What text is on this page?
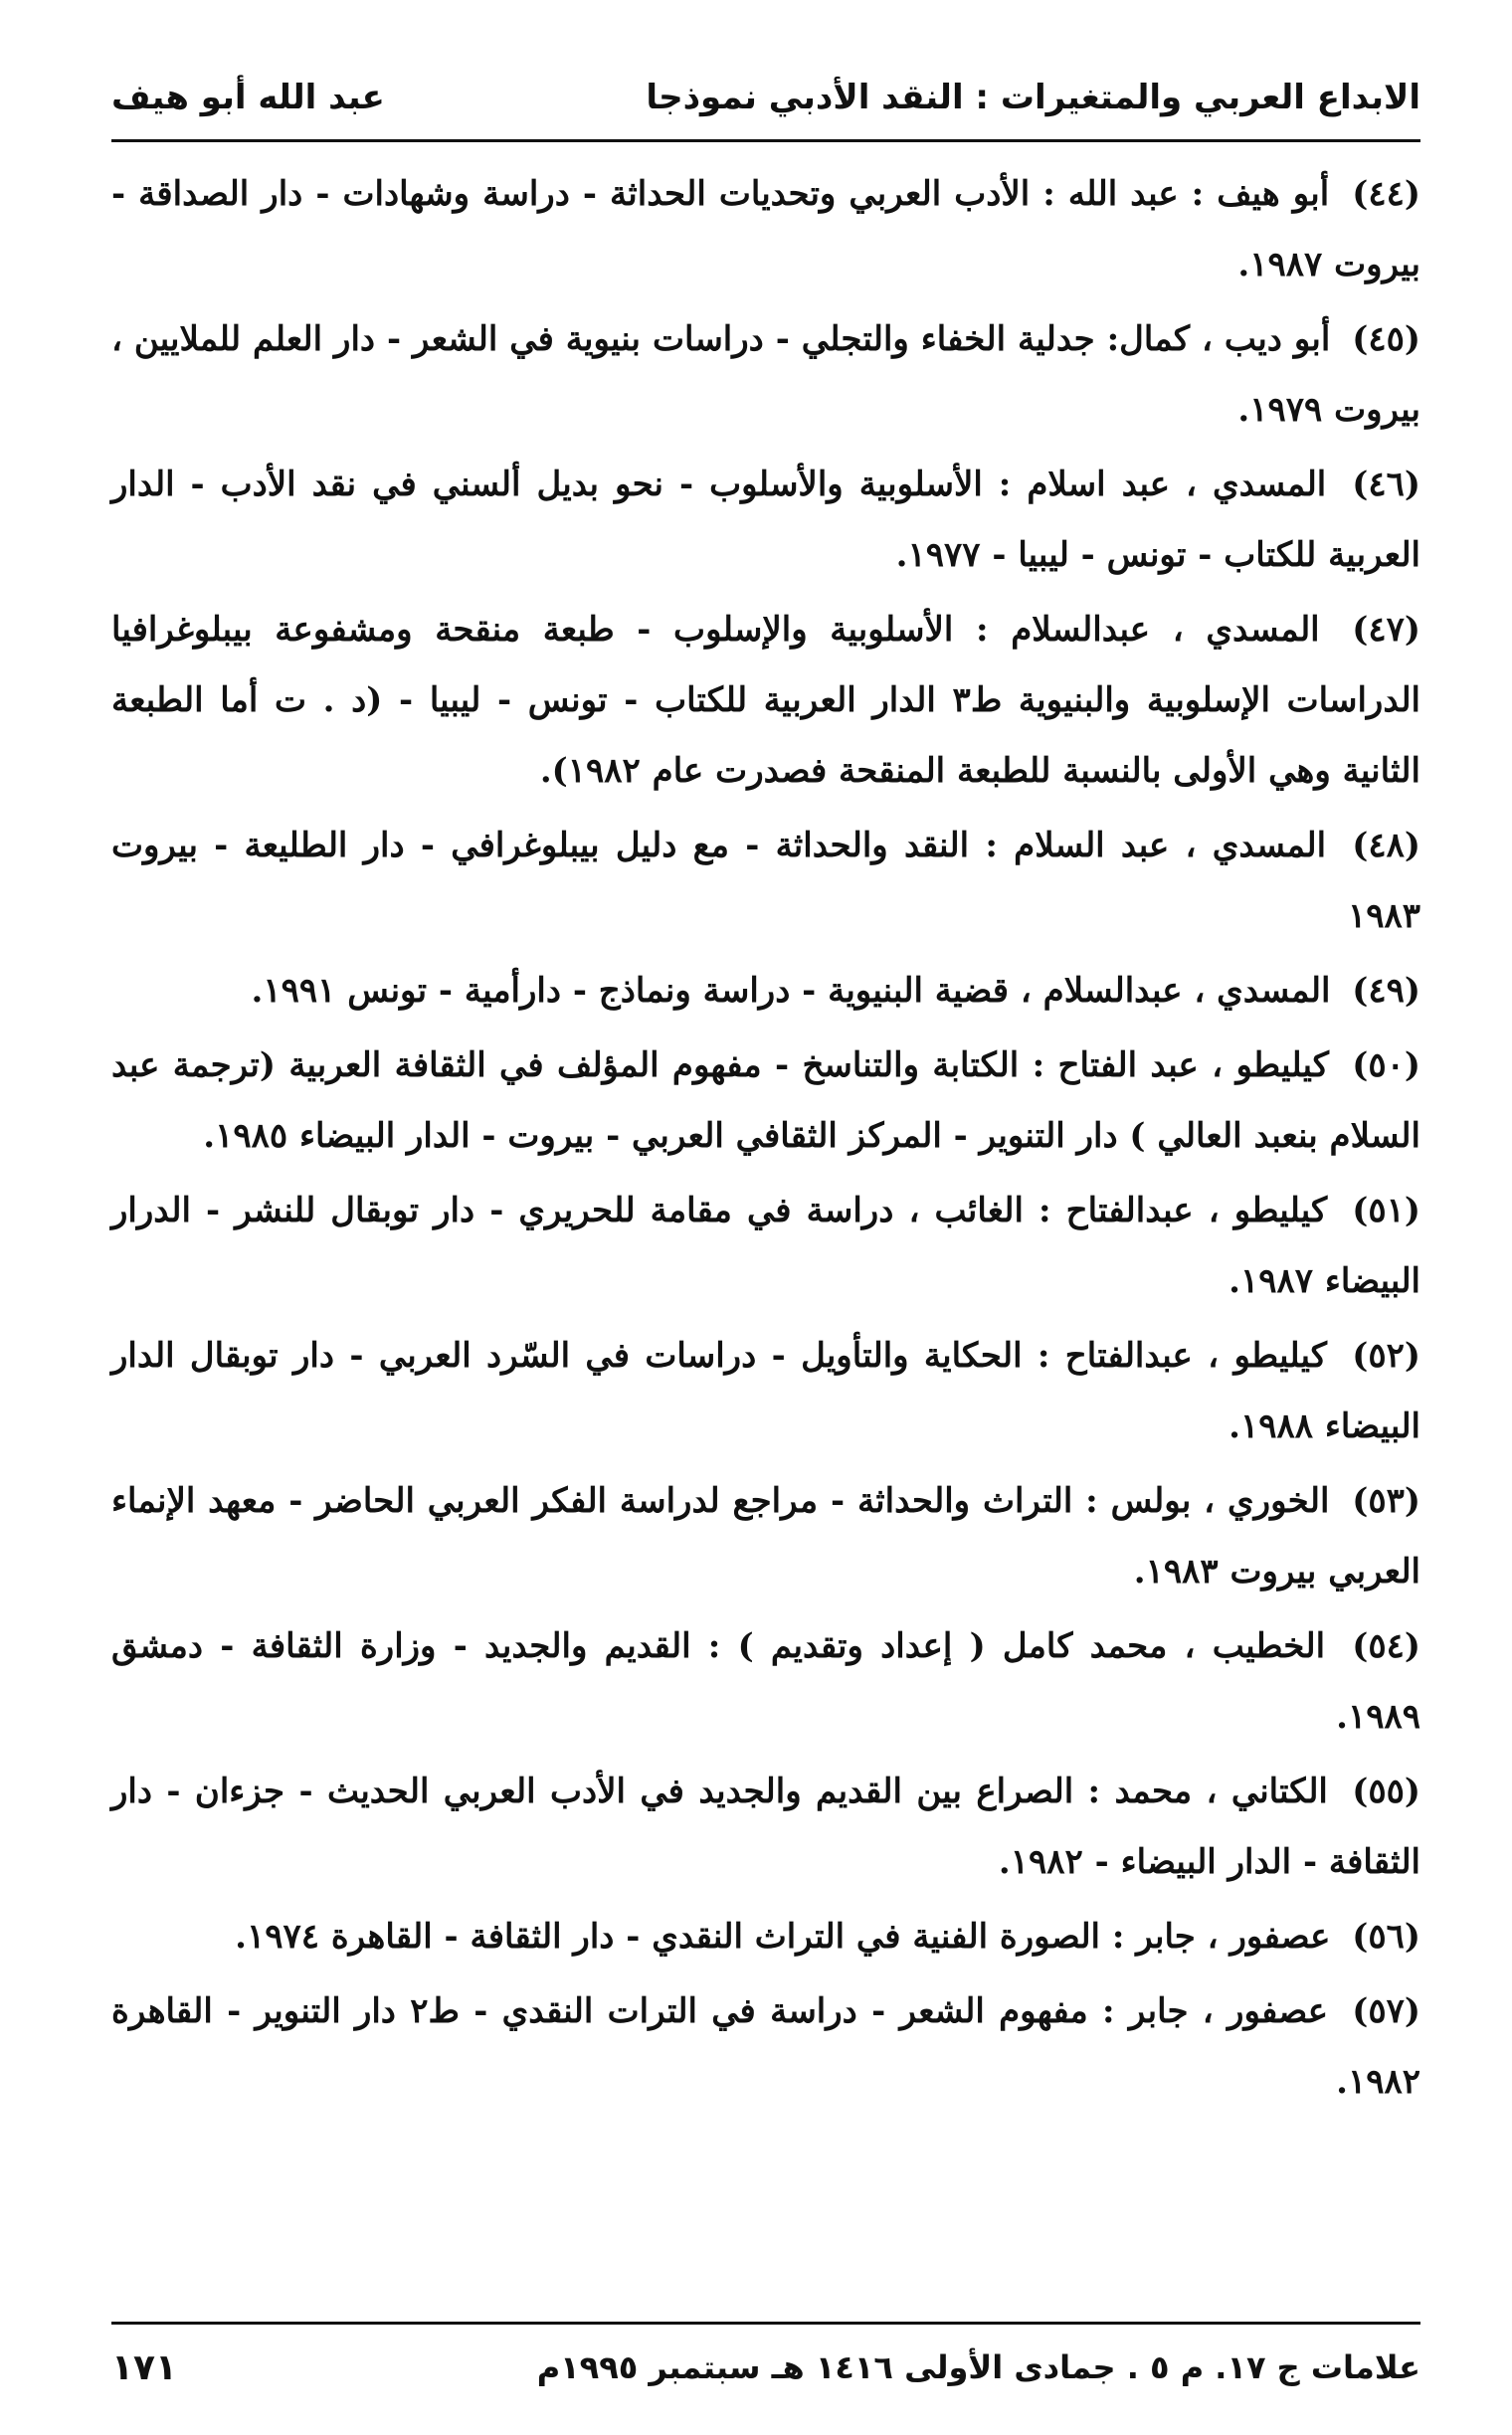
الابداع العربي والمتغيرات : النقد الأدبي نموذجا
عبد الله أبو هيف
(٤٤) أبو هيف : عبد الله : الأدب العربي وتحديات الحداثة - دراسة وشهادات - دار الصداقة - بيروت ١٩٨٧.
(٤٥) أبو ديب ، كمال: جدلية الخفاء والتجلي - دراسات بنيوية في الشعر - دار العلم للملايين ، بيروت ١٩٧٩.
(٤٦) المسدي ، عبد اسلام : الأسلوبية والأسلوب - نحو بديل ألسني في نقد الأدب - الدار العربية للكتاب - تونس - ليبيا - ١٩٧٧.
(٤٧) المسدي ، عبدالسلام : الأسلوبية والإسلوب - طبعة منقحة ومشفوعة بيبلوغرافيا الدراسات الإسلوبية والبنيوية ط٣ الدار العربية للكتاب - تونس - ليبيا - (د . ت أما الطبعة الثانية وهي الأولى بالنسبة للطبعة المنقحة فصدرت عام ١٩٨٢).
(٤٨) المسدي ، عبد السلام : النقد والحداثة - مع دليل بيبلوغرافي - دار الطليعة - بيروت ١٩٨٣
(٤٩) المسدي ، عبدالسلام ، قضية البنيوية - دراسة ونماذج - دارأمية - تونس ١٩٩١.
(٥٠) كيليطو ، عبد الفتاح : الكتابة والتناسخ - مفهوم المؤلف في الثقافة العربية (ترجمة عبد السلام بنعبد العالي ) دار التنوير - المركز الثقافي العربي - بيروت - الدار البيضاء ١٩٨٥.
(٥١) كيليطو ، عبدالفتاح : الغائب ، دراسة في مقامة للحريري - دار توبقال للنشر - الدرار البيضاء ١٩٨٧.
(٥٢) كيليطو ، عبدالفتاح : الحكاية والتأويل - دراسات في السّرد العربي - دار توبقال الدار البيضاء ١٩٨٨.
(٥٣) الخوري ، بولس : التراث والحداثة - مراجع لدراسة الفكر العربي الحاضر - معهد الإنماء العربي بيروت ١٩٨٣.
(٥٤) الخطيب ، محمد كامل ( إعداد وتقديم ) : القديم والجديد - وزارة الثقافة - دمشق ١٩٨٩.
(٥٥) الكتاني ، محمد : الصراع بين القديم والجديد في الأدب العربي الحديث - جزءان - دار الثقافة - الدار البيضاء - ١٩٨٢.
(٥٦) عصفور ، جابر : الصورة الفنية في التراث النقدي - دار الثقافة - القاهرة ١٩٧٤.
(٥٧) عصفور ، جابر : مفهوم الشعر - دراسة في الترات النقدي - ط٢ دار التنوير - القاهرة ١٩٨٢.
علامات ج ١٧. م ٥ . جمادى الأولى ١٤١٦ هـ سبتمبر ١٩٩٥م
١٧١
